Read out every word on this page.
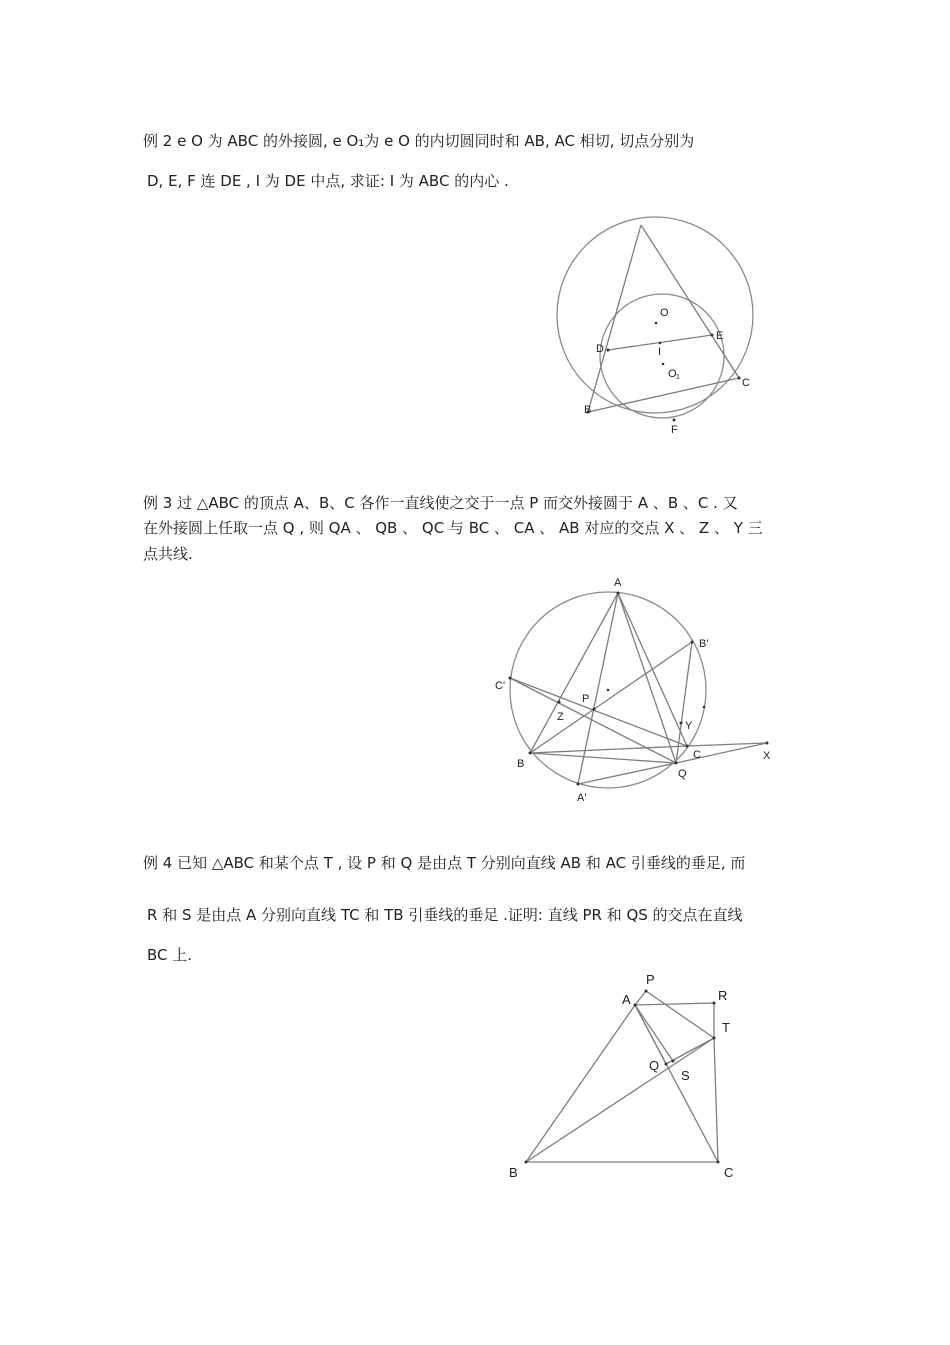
例 2 e O 为 ABC 的外接圆, e O₁为 e O 的内切圆同时和 AB, AC 相切, 切点分别为
D, E, F 连 DE , I 为 DE 中点, 求证: I 为 ABC 的内心 .
O
E
D	I
O 1	C
B
F
例 3 过 △ABC 的顶点 A、B、C 各作一直线使之交于一点 P 而交外接圆于 A 、B 、C . 又
在外接圆上任取一点 Q , 则 QA 、 QB 、 QC 与 BC 、 CA 、 AB 对应的交点 X 、 Z 、 Y 三
点共线.
A
B'
C'
P
Z
Y
B
C	X
Q
A'
例 4 已知 △ABC 和某个点 T , 设 P 和 Q 是由点 T 分别向直线 AB 和 AC 引垂线的垂足, 而
R 和 S 是由点 A 分别向直线 TC 和 TB 引垂线的垂足 .证明: 直线 PR 和 QS 的交点在直线
BC 上.
P
A	R
T
Q
S
B	C
